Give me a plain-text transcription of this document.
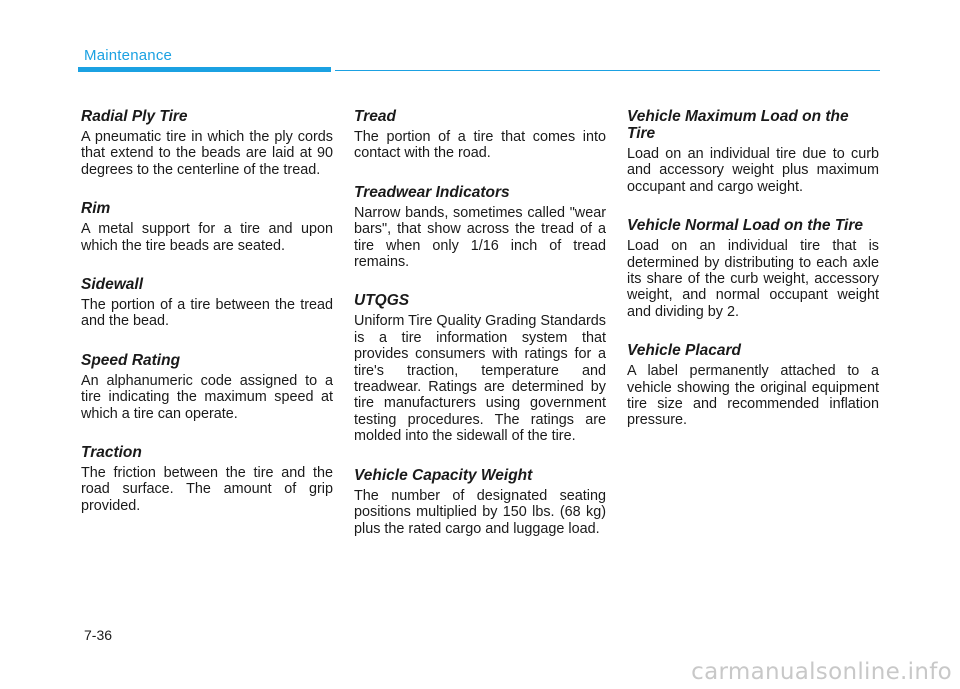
Maintenance
Radial Ply Tire

A pneumatic tire in which the ply cords that extend to the beads are laid at 90 degrees to the centerline of the tread.

Rim

A metal support for a tire and upon which the tire beads are seated.

Sidewall

The portion of a tire between the tread and the bead.

Speed Rating

An alphanumeric code assigned to a tire indicating the maximum speed at which a tire can operate.

Traction

The friction between the tire and the road surface. The amount of grip provided.

Tread

The portion of a tire that comes into contact with the road.

Treadwear Indicators

Narrow bands, sometimes called "wear bars", that show across the tread of a tire when only 1/16 inch of tread remains.

UTQGS

Uniform Tire Quality Grading Standards is a tire information system that provides consumers with ratings for a tire's traction, temperature and treadwear. Ratings are determined by tire manufacturers using government testing procedures. The ratings are molded into the sidewall of the tire.

Vehicle Capacity Weight

The number of designated seating positions multiplied by 150 lbs. (68 kg) plus the rated cargo and luggage load.

Vehicle Maximum Load on the Tire

Load on an individual tire due to curb and accessory weight plus maximum occupant and cargo weight.

Vehicle Normal Load on the Tire

Load on an individual tire that is determined by distributing to each axle its share of the curb weight, accessory weight, and normal occupant weight and dividing by 2.

Vehicle Placard

A label permanently attached to a vehicle showing the original equipment tire size and recommended inflation pressure.

7-36
carmanualsonline.info
